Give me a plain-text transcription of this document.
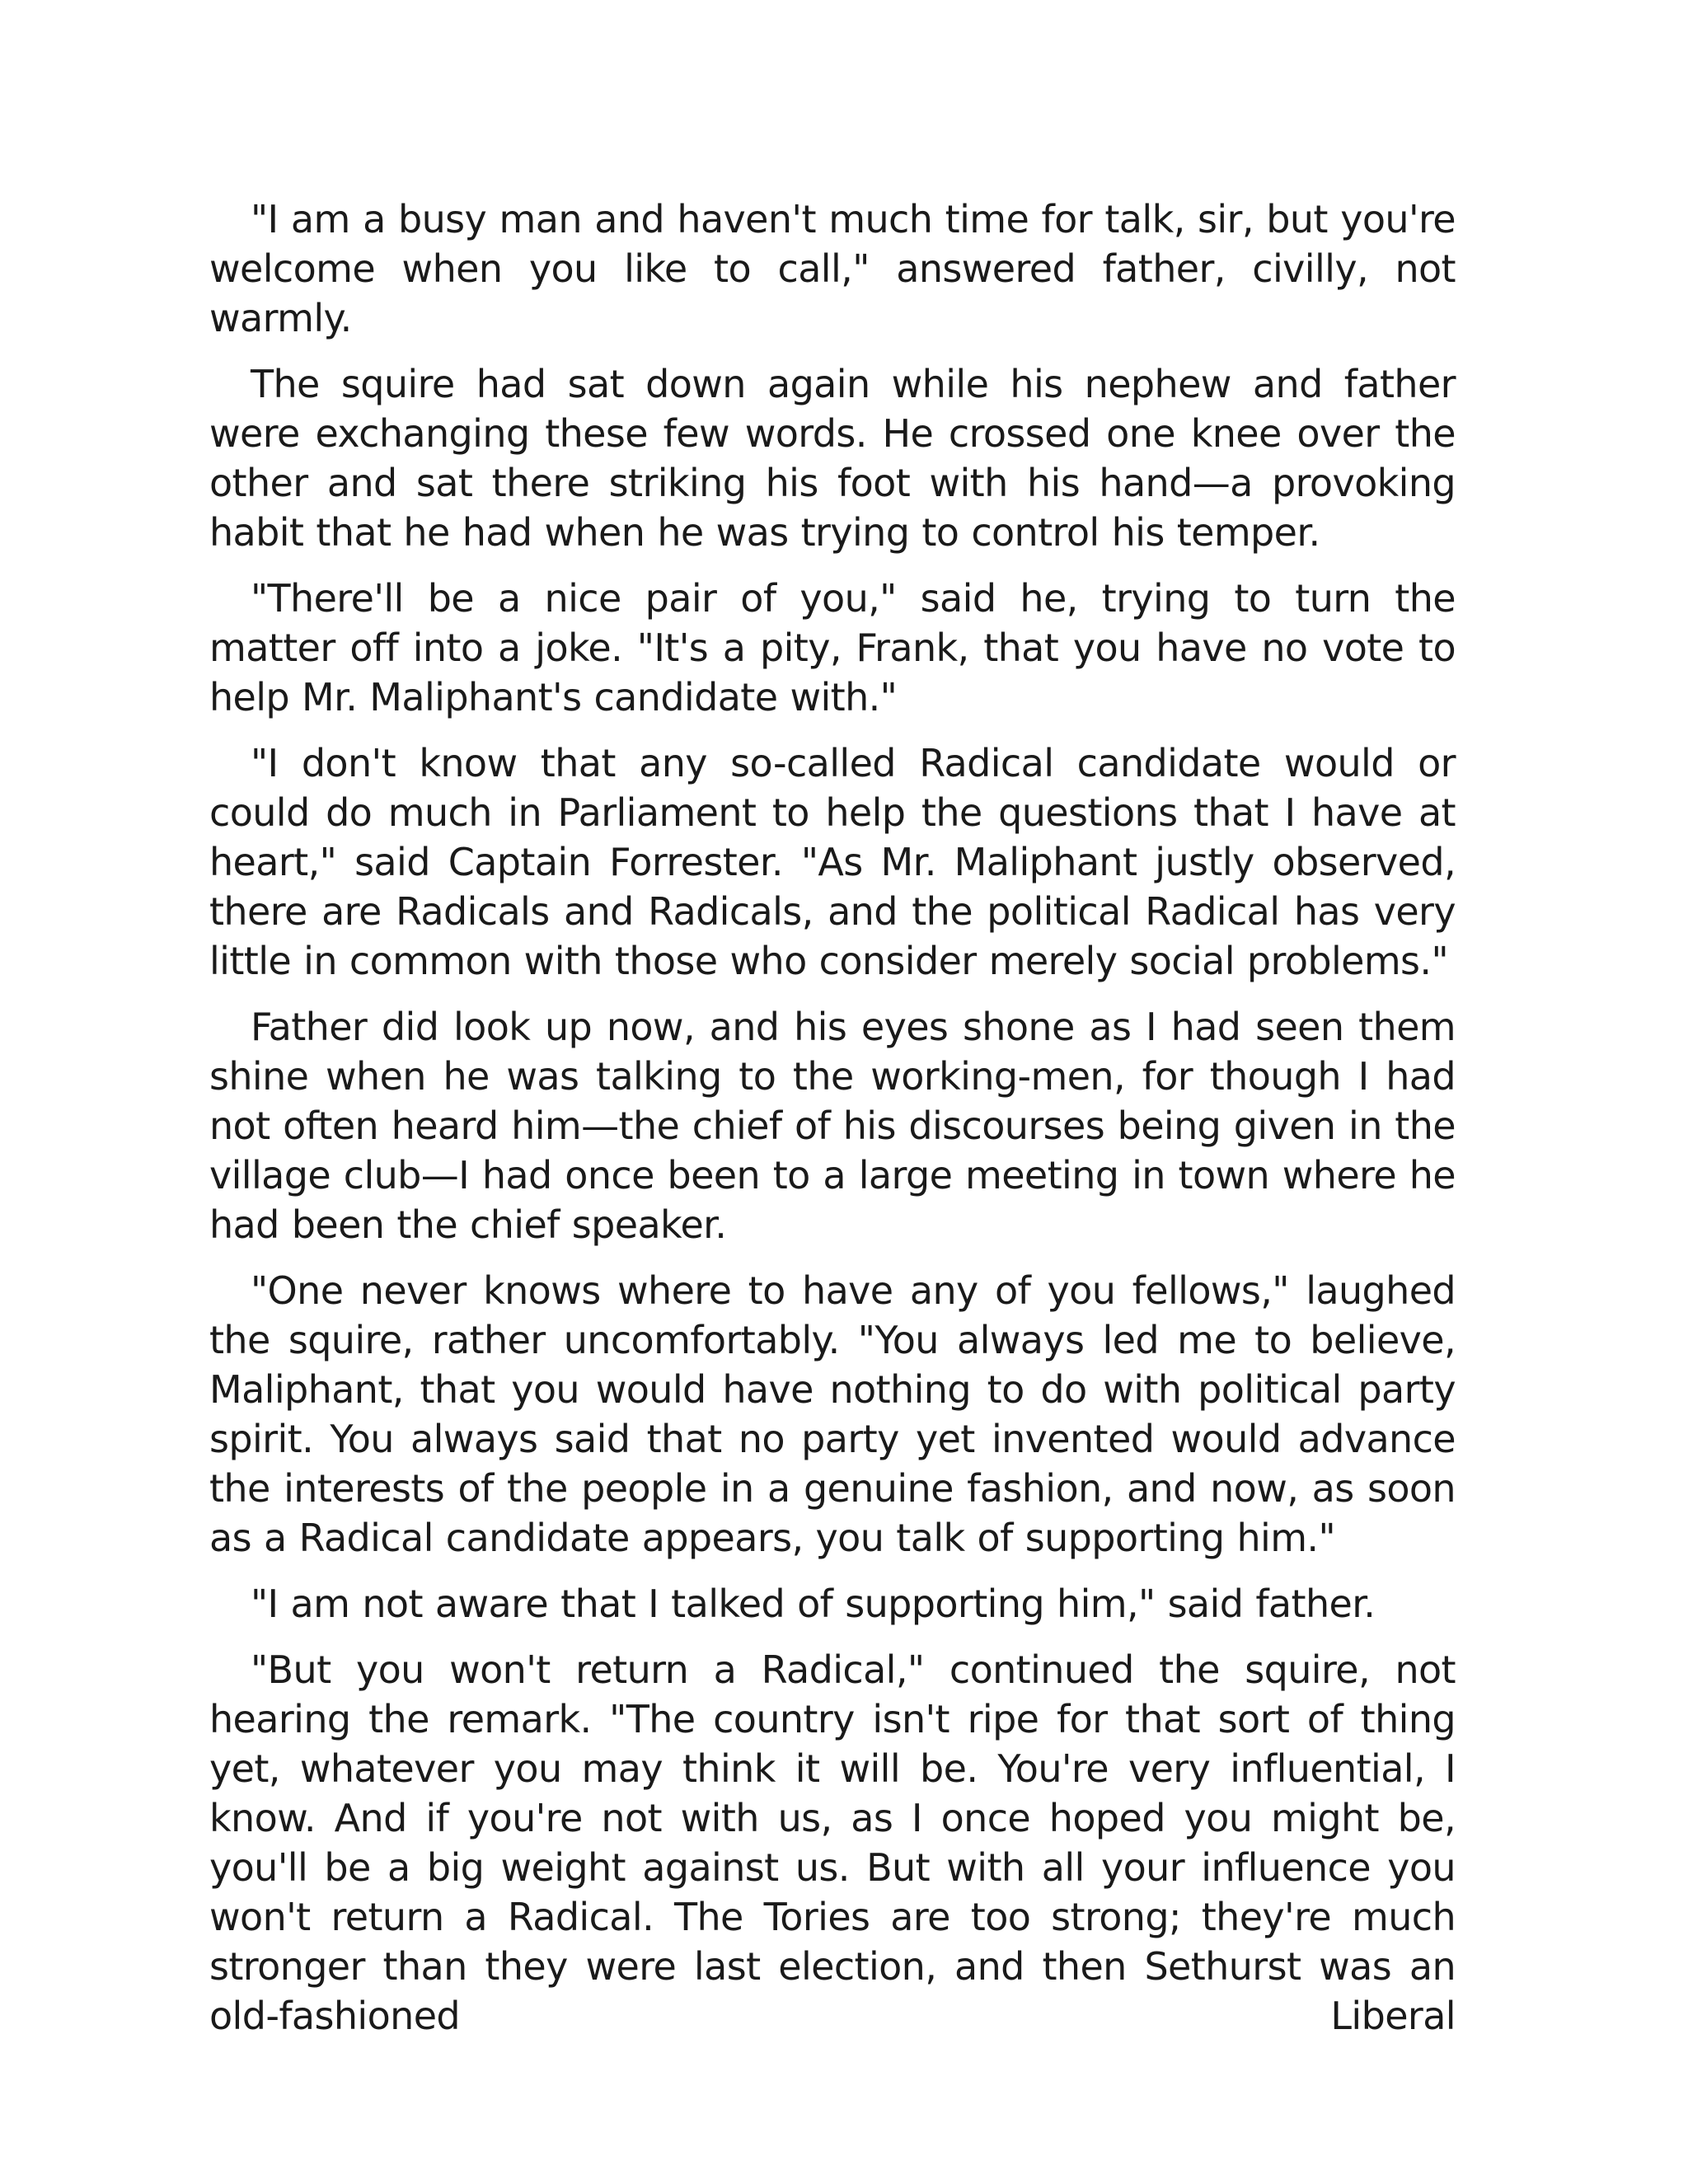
"I am a busy man and haven't much time for talk, sir, but you're welcome when you like to call," answered father, civilly, not warmly.

The squire had sat down again while his nephew and father were exchanging these few words. He crossed one knee over the other and sat there striking his foot with his hand—a provoking habit that he had when he was trying to control his temper.

"There'll be a nice pair of you," said he, trying to turn the matter off into a joke. "It's a pity, Frank, that you have no vote to help Mr. Maliphant's candidate with."

"I don't know that any so-called Radical candidate would or could do much in Parliament to help the questions that I have at heart," said Captain Forrester. "As Mr. Maliphant justly observed, there are Radicals and Radicals, and the political Radical has very little in common with those who consider merely social problems."

Father did look up now, and his eyes shone as I had seen them shine when he was talking to the working-men, for though I had not often heard him—the chief of his discourses being given in the village club—I had once been to a large meeting in town where he had been the chief speaker.

"One never knows where to have any of you fellows," laughed the squire, rather uncomfortably. "You always led me to believe, Maliphant, that you would have nothing to do with political party spirit. You always said that no party yet invented would advance the interests of the people in a genuine fashion, and now, as soon as a Radical candidate appears, you talk of supporting him."

"I am not aware that I talked of supporting him," said father.

"But you won't return a Radical," continued the squire, not hearing the remark. "The country isn't ripe for that sort of thing yet, whatever you may think it will be. You're very influential, I know. And if you're not with us, as I once hoped you might be, you'll be a big weight against us. But with all your influence you won't return a Radical. The Tories are too strong; they're much stronger than they were last election, and then Sethurst was an old-fashioned Liberal
